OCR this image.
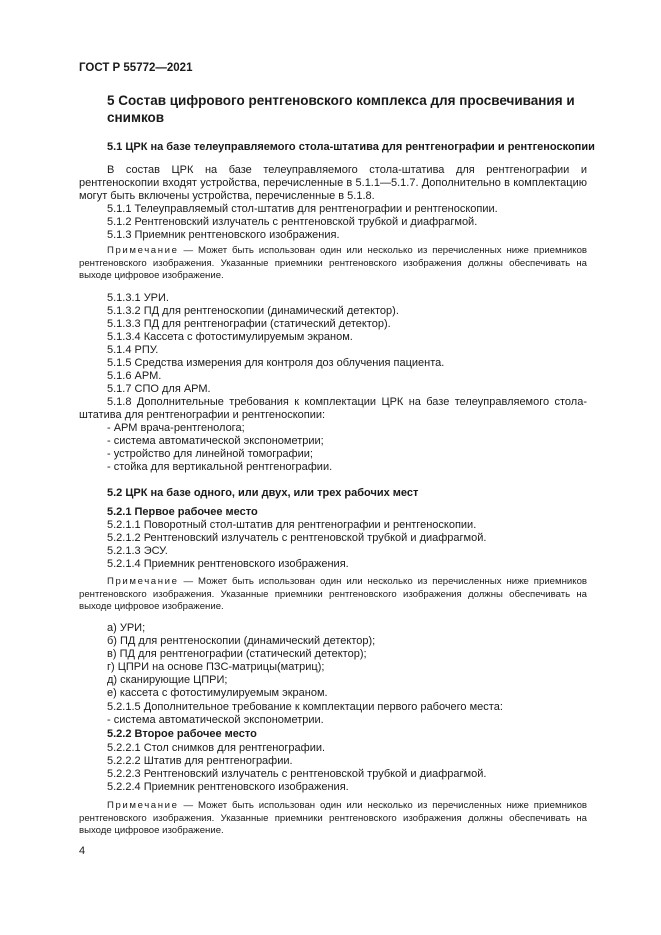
ГОСТ Р 55772—2021
5 Состав цифрового рентгеновского комплекса для просвечивания и снимков
5.1 ЦРК на базе телеуправляемого стола-штатива для рентгенографии и рентгеноскопии
В состав ЦРК на базе телеуправляемого стола-штатива для рентгенографии и рентгеноскопии входят устройства, перечисленные в 5.1.1—5.1.7. Дополнительно в комплектацию могут быть включены устройства, перечисленные в 5.1.8.
5.1.1 Телеуправляемый стол-штатив для рентгенографии и рентгеноскопии.
5.1.2 Рентгеновский излучатель с рентгеновской трубкой и диафрагмой.
5.1.3 Приемник рентгеновского изображения.
Примечание — Может быть использован один или несколько из перечисленных ниже приемников рентгеновского изображения. Указанные приемники рентгеновского изображения должны обеспечивать на выходе цифровое изображение.
5.1.3.1 УРИ.
5.1.3.2 ПД для рентгеноскопии (динамический детектор).
5.1.3.3 ПД для рентгенографии (статический детектор).
5.1.3.4 Кассета с фотостимулируемым экраном.
5.1.4 РПУ.
5.1.5 Средства измерения для контроля доз облучения пациента.
5.1.6 АРМ.
5.1.7 СПО для АРМ.
5.1.8 Дополнительные требования к комплектации ЦРК на базе телеуправляемого стола-штатива для рентгенографии и рентгеноскопии:
- АРМ врача-рентгенолога;
- система автоматической экспонометрии;
- устройство для линейной томографии;
- стойка для вертикальной рентгенографии.
5.2 ЦРК на базе одного, или двух, или трех рабочих мест
5.2.1 Первое рабочее место
5.2.1.1 Поворотный стол-штатив для рентгенографии и рентгеноскопии.
5.2.1.2 Рентгеновский излучатель с рентгеновской трубкой и диафрагмой.
5.2.1.3 ЭСУ.
5.2.1.4 Приемник рентгеновского изображения.
Примечание — Может быть использован один или несколько из перечисленных ниже приемников рентгеновского изображения. Указанные приемники рентгеновского изображения должны обеспечивать на выходе цифровое изображение.
а) УРИ;
б) ПД для рентгеноскопии (динамический детектор);
в) ПД для рентгенографии (статический детектор);
г) ЦПРИ на основе ПЗС-матрицы(матриц);
д) сканирующие ЦПРИ;
е) кассета с фотостимулируемым экраном.
5.2.1.5 Дополнительное требование к комплектации первого рабочего места:
- система автоматической экспонометрии.
5.2.2 Второе рабочее место
5.2.2.1 Стол снимков для рентгенографии.
5.2.2.2 Штатив для рентгенографии.
5.2.2.3 Рентгеновский излучатель с рентгеновской трубкой и диафрагмой.
5.2.2.4 Приемник рентгеновского изображения.
Примечание — Может быть использован один или несколько из перечисленных ниже приемников рентгеновского изображения. Указанные приемники рентгеновского изображения должны обеспечивать на выходе цифровое изображение.
4
